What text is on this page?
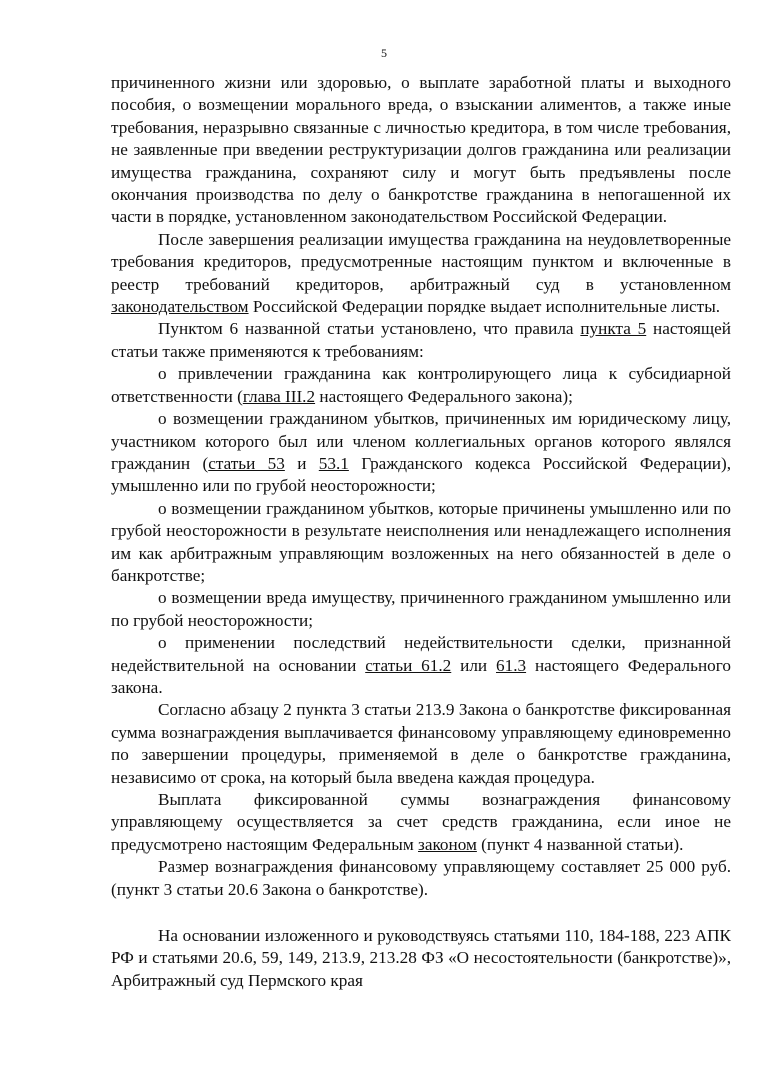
5

причиненного жизни или здоровью, о выплате заработной платы и выходного пособия, о возмещении морального вреда, о взыскании алиментов, а также иные требования, неразрывно связанные с личностью кредитора, в том числе требования, не заявленные при введении реструктуризации долгов гражданина или реализации имущества гражданина, сохраняют силу и могут быть предъявлены после окончания производства по делу о банкротстве гражданина в непогашенной их части в порядке, установленном законодательством Российской Федерации.

После завершения реализации имущества гражданина на неудовлетворенные требования кредиторов, предусмотренные настоящим пунктом и включенные в реестр требований кредиторов, арбитражный суд в установленном законодательством Российской Федерации порядке выдает исполнительные листы.

Пунктом 6 названной статьи установлено, что правила пункта 5 настоящей статьи также применяются к требованиям:

о привлечении гражданина как контролирующего лица к субсидиарной ответственности (глава III.2 настоящего Федерального закона);

о возмещении гражданином убытков, причиненных им юридическому лицу, участником которого был или членом коллегиальных органов которого являлся гражданин (статьи 53 и 53.1 Гражданского кодекса Российской Федерации), умышленно или по грубой неосторожности;

о возмещении гражданином убытков, которые причинены умышленно или по грубой неосторожности в результате неисполнения или ненадлежащего исполнения им как арбитражным управляющим возложенных на него обязанностей в деле о банкротстве;

о возмещении вреда имуществу, причиненного гражданином умышленно или по грубой неосторожности;

о применении последствий недействительности сделки, признанной недействительной на основании статьи 61.2 или 61.3 настоящего Федерального закона.

Согласно абзацу 2 пункта 3 статьи 213.9 Закона о банкротстве фиксированная сумма вознаграждения выплачивается финансовому управляющему единовременно по завершении процедуры, применяемой в деле о банкротстве гражданина, независимо от срока, на который была введена каждая процедура.

Выплата фиксированной суммы вознаграждения финансовому управляющему осуществляется за счет средств гражданина, если иное не предусмотрено настоящим Федеральным законом (пункт 4 названной статьи).

Размер вознаграждения финансовому управляющему составляет 25 000 руб. (пункт 3 статьи 20.6 Закона о банкротстве).

На основании изложенного и руководствуясь статьями 110, 184-188, 223 АПК РФ и статьями 20.6, 59, 149, 213.9, 213.28 ФЗ «О несостоятельности (банкротстве)», Арбитражный суд Пермского края
